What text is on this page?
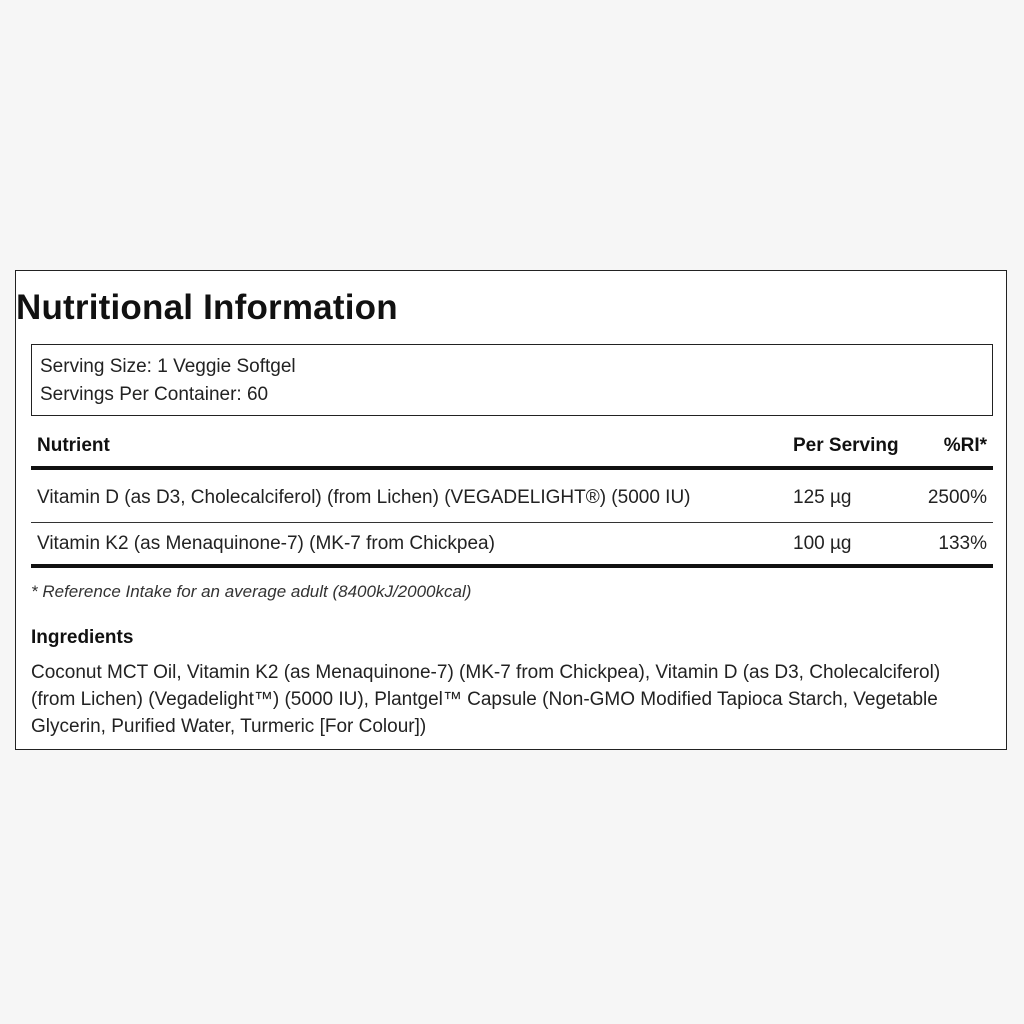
Nutritional Information
Serving Size: 1 Veggie Softgel
Servings Per Container: 60
Nutrient	Per Serving	%RI*
Vitamin D (as D3, Cholecalciferol) (from Lichen) (VEGADELIGHT®) (5000 IU)	125 µg	2500%
Vitamin K2 (as Menaquinone-7) (MK-7 from Chickpea)	100 µg	133%
* Reference Intake for an average adult (8400kJ/2000kcal)
Ingredients

Coconut MCT Oil, Vitamin K2 (as Menaquinone-7) (MK-7 from Chickpea), Vitamin D (as D3, Cholecalciferol) (from Lichen) (Vegadelight™) (5000 IU), Plantgel™ Capsule (Non-GMO Modified Tapioca Starch, Vegetable Glycerin, Purified Water, Turmeric [For Colour])
